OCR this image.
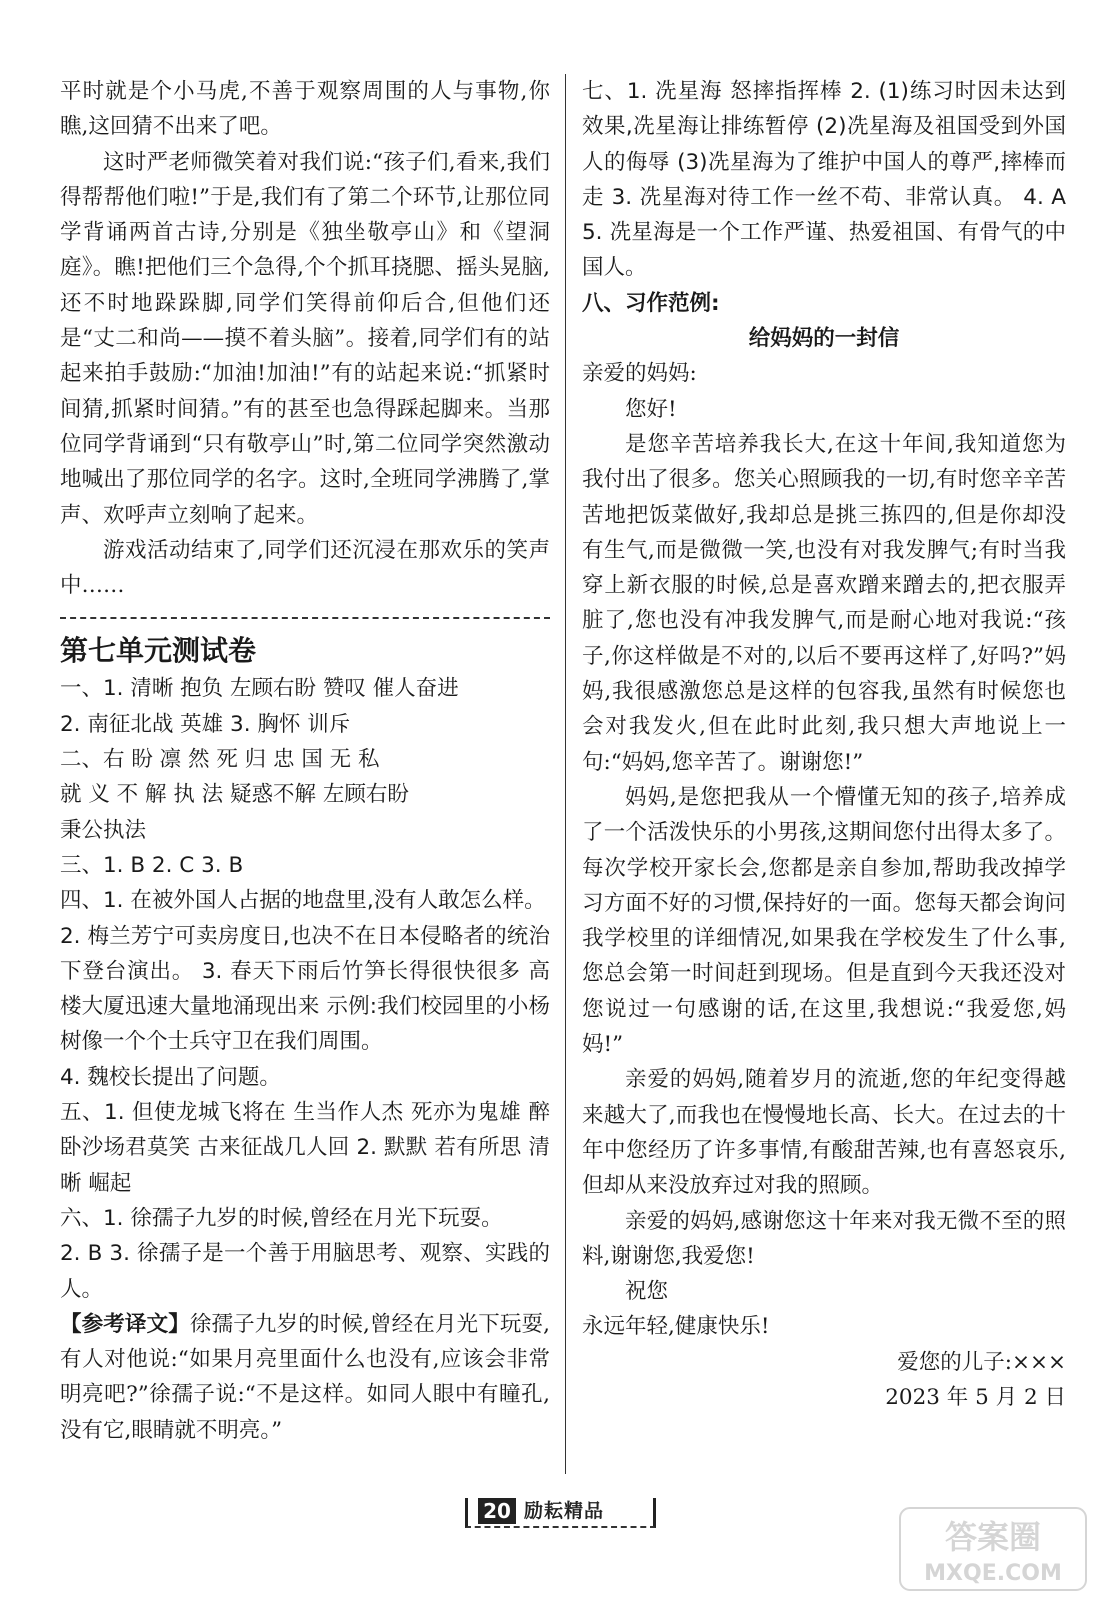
平时就是个小马虎,不善于观察周围的人与事物,你瞧,这回猜不出来了吧。

这时严老师微笑着对我们说:“孩子们,看来,我们得帮帮他们啦!”于是,我们有了第二个环节,让那位同学背诵两首古诗,分别是《独坐敬亭山》和《望洞庭》。瞧!把他们三个急得,个个抓耳挠腮、摇头晃脑,还不时地跺跺脚,同学们笑得前仰后合,但他们还是“丈二和尚——摸不着头脑”。接着,同学们有的站起来拍手鼓励:“加油!加油!”有的站起来说:“抓紧时间猜,抓紧时间猜。”有的甚至也急得踩起脚来。当那位同学背诵到“只有敬亭山”时,第二位同学突然激动地喊出了那位同学的名字。这时,全班同学沸腾了,掌声、欢呼声立刻响了起来。

游戏活动结束了,同学们还沉浸在那欢乐的笑声中……

第七单元测试卷

一、1. 清晰 抱负 左顾右盼 赞叹 催人奋进

2. 南征北战 英雄 3. 胸怀 训斥

二、右 盼 凛 然 死 归 忠 国 无 私

就 义 不 解 执 法 疑惑不解 左顾右盼

秉公执法

三、1. B 2. C 3. B

四、1. 在被外国人占据的地盘里,没有人敢怎么样。

2. 梅兰芳宁可卖房度日,也决不在日本侵略者的统治下登台演出。 3. 春天下雨后竹笋长得很快很多 高楼大厦迅速大量地涌现出来 示例:我们校园里的小杨树像一个个士兵守卫在我们周围。

4. 魏校长提出了问题。

五、1. 但使龙城飞将在 生当作人杰 死亦为鬼雄 醉卧沙场君莫笑 古来征战几人回 2. 默默 若有所思 清晰 崛起

六、1. 徐孺子九岁的时候,曾经在月光下玩耍。

2. B 3. 徐孺子是一个善于用脑思考、观察、实践的人。

【参考译文】徐孺子九岁的时候,曾经在月光下玩耍,有人对他说:“如果月亮里面什么也没有,应该会非常明亮吧?”徐孺子说:“不是这样。如同人眼中有瞳孔,没有它,眼睛就不明亮。”

七、1. 冼星海 怒摔指挥棒 2. (1)练习时因未达到效果,冼星海让排练暂停 (2)冼星海及祖国受到外国人的侮辱 (3)冼星海为了维护中国人的尊严,摔棒而走 3. 冼星海对待工作一丝不苟、非常认真。 4. A 5. 冼星海是一个工作严谨、热爱祖国、有骨气的中国人。

八、习作范例:

给妈妈的一封信

亲爱的妈妈:

您好!

是您辛苦培养我长大,在这十年间,我知道您为我付出了很多。您关心照顾我的一切,有时您辛辛苦苦地把饭菜做好,我却总是挑三拣四的,但是你却没有生气,而是微微一笑,也没有对我发脾气;有时当我穿上新衣服的时候,总是喜欢蹭来蹭去的,把衣服弄脏了,您也没有冲我发脾气,而是耐心地对我说:“孩子,你这样做是不对的,以后不要再这样了,好吗?”妈妈,我很感激您总是这样的包容我,虽然有时候您也会对我发火,但在此时此刻,我只想大声地说上一句:“妈妈,您辛苦了。谢谢您!”

妈妈,是您把我从一个懵懂无知的孩子,培养成了一个活泼快乐的小男孩,这期间您付出得太多了。每次学校开家长会,您都是亲自参加,帮助我改掉学习方面不好的习惯,保持好的一面。您每天都会询问我学校里的详细情况,如果我在学校发生了什么事,您总会第一时间赶到现场。但是直到今天我还没对您说过一句感谢的话,在这里,我想说:“我爱您,妈妈!”

亲爱的妈妈,随着岁月的流逝,您的年纪变得越来越大了,而我也在慢慢地长高、长大。在过去的十年中您经历了许多事情,有酸甜苦辣,也有喜怒哀乐,但却从来没放弃过对我的照顾。

亲爱的妈妈,感谢您这十年来对我无微不至的照料,谢谢您,我爱您!

祝您

永远年轻,健康快乐!

爱您的儿子:×××

2023 年 5 月 2 日

20 励耘精品
答案圈
MXQE.COM
